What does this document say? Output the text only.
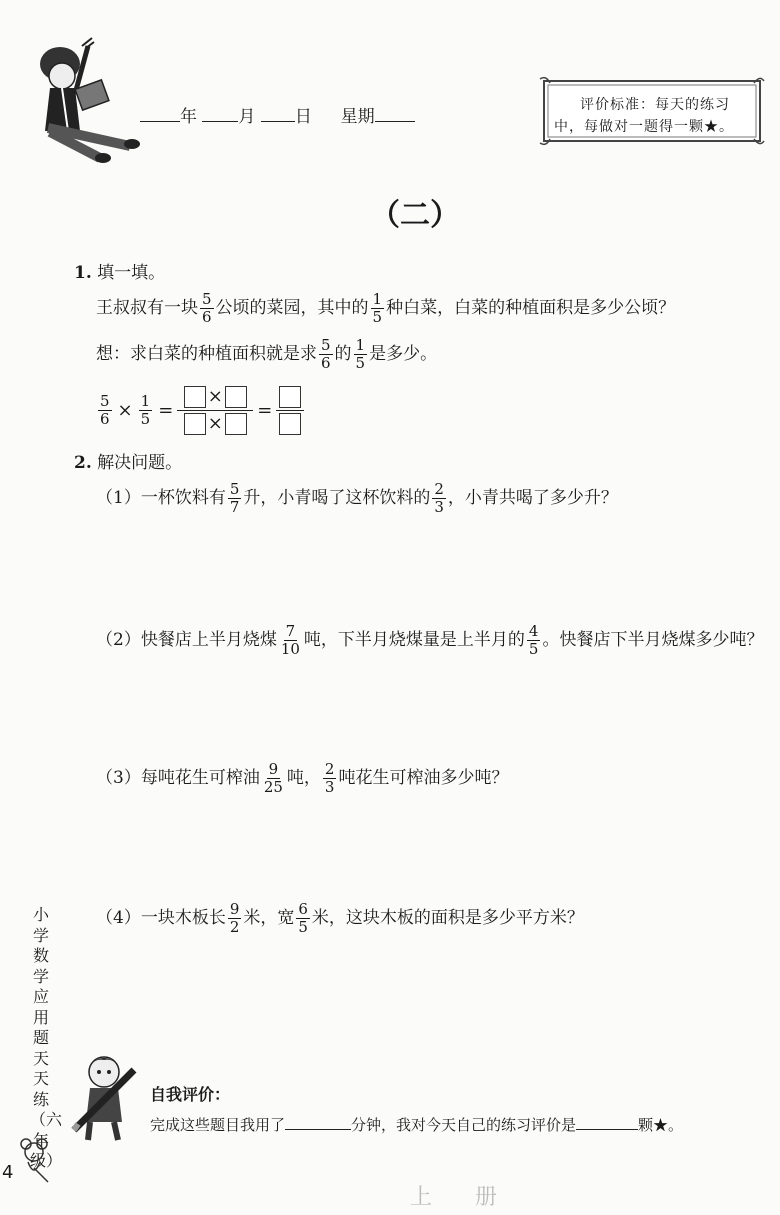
年 月 日 星期
评价标准：每天的练习
中，每做对一题得一颗★。
（二）
1. 填一填。
王叔叔有一块 $\frac{5}{6}$ 公顷的菜园，其中的 $\frac{1}{5}$ 种白菜，白菜的种植面积是多少公顷？
想：求白菜的种植面积就是求 $\frac{5}{6}$ 的 $\frac{1}{5}$ 是多少。
$\frac{5}{6} \times \frac{1}{5}$ =
×
×
=
2. 解决问题。
（1）一杯饮料有 $\frac{5}{7}$ 升，小青喝了这杯饮料的 $\frac{2}{3}$ ，小青共喝了多少升？
（2）快餐店上半月烧煤 $\frac{7}{10}$ 吨，下半月烧煤量是上半月的 $\frac{4}{5}$ 。快餐店下半月烧煤多少吨？
（3）每吨花生可榨油 $\frac{9}{25}$ 吨， $\frac{2}{3}$ 吨花生可榨油多少吨？
（4）一块木板长 $\frac{9}{2}$ 米，宽 $\frac{6}{5}$ 米，这块木板的面积是多少平方米？
小学数学应用题天天练（六年级）
自我评价：
完成这些题目我用了	分钟，我对今天自己的练习评价是	颗★。
4
上 册
